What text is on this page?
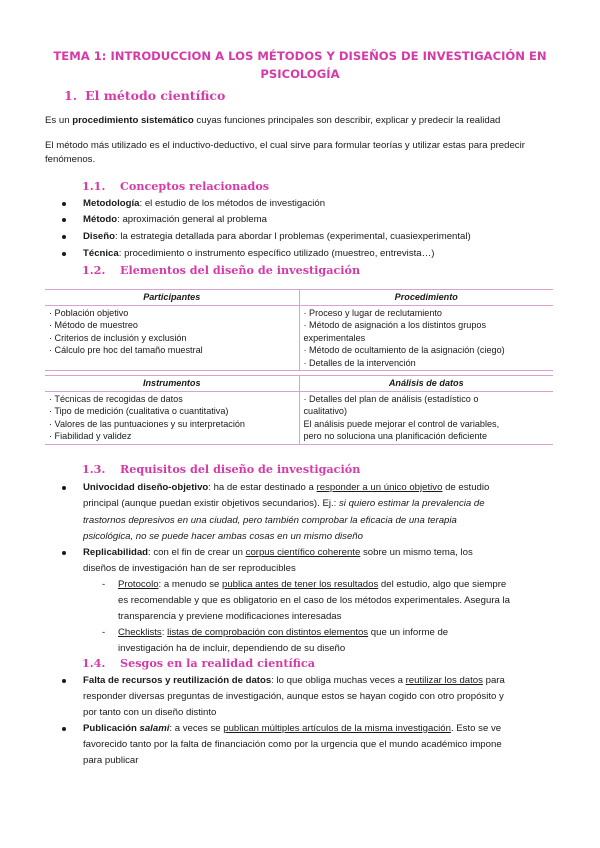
TEMA 1: INTRODUCCION A LOS MÉTODOS Y DISEÑOS DE INVESTIGACIÓN EN PSICOLOGÍA
1. El método científico
Es un procedimiento sistemático cuyas funciones principales son describir, explicar y predecir la realidad
El método más utilizado es el inductivo-deductivo, el cual sirve para formular teorías y utilizar estas para predecir fenómenos.
1.1. Conceptos relacionados
Metodología: el estudio de los métodos de investigación
Método: aproximación general al problema
Diseño: la estrategia detallada para abordar l problemas (experimental, cuasiexperimental)
Técnica: procedimiento o instrumento específico utilizado (muestreo, entrevista…)
1.2. Elementos del diseño de investigación
Participantes	Procedimiento

· Población objetivo
· Método de muestreo
· Criterios de inclusión y exclusión
· Cálculo pre hoc del tamaño muestral	· Proceso y lugar de reclutamiento
· Método de asignación a los distintos grupos
experimentales
· Método de ocultamiento de la asignación (ciego)
· Detalles de la intervención
Instrumentos	Análisis de datos

· Técnicas de recogidas de datos
· Tipo de medición (cualitativa o cuantitativa)
· Valores de las puntuaciones y su interpretación
· Fiabilidad y validez	· Detalles del plan de análisis (estadístico o
cualitativo)
El análisis puede mejorar el control de variables,
pero no soluciona una planificación deficiente
1.3. Requisitos del diseño de investigación
Univocidad diseño-objetivo: ha de estar destinado a responder a un único objetivo de estudio
principal (aunque puedan existir objetivos secundarios). Ej.: si quiero estimar la prevalencia de
trastornos depresivos en una ciudad, pero también comprobar la eficacia de una terapia
psicológica, no se puede hacer ambas cosas en un mismo diseño
Replicabilidad: con el fin de crear un corpus científico coherente sobre un mismo tema, los
diseños de investigación han de ser reproducibles
-	Protocolo: a menudo se publica antes de tener los resultados del estudio, algo que siempre
es recomendable y que es obligatorio en el caso de los métodos experimentales. Asegura la
transparencia y previene modificaciones interesadas
-	Checklists: listas de comprobación con distintos elementos que un informe de
investigación ha de incluir, dependiendo de su diseño
1.4. Sesgos en la realidad científica
Falta de recursos y reutilización de datos: lo que obliga muchas veces a reutilizar los datos para
responder diversas preguntas de investigación, aunque estos se hayan cogido con otro propósito y
por tanto con un diseño distinto
Publicación salami: a veces se publican múltiples artículos de la misma investigación. Esto se ve
favorecido tanto por la falta de financiación como por la urgencia que el mundo académico impone
para publicar
